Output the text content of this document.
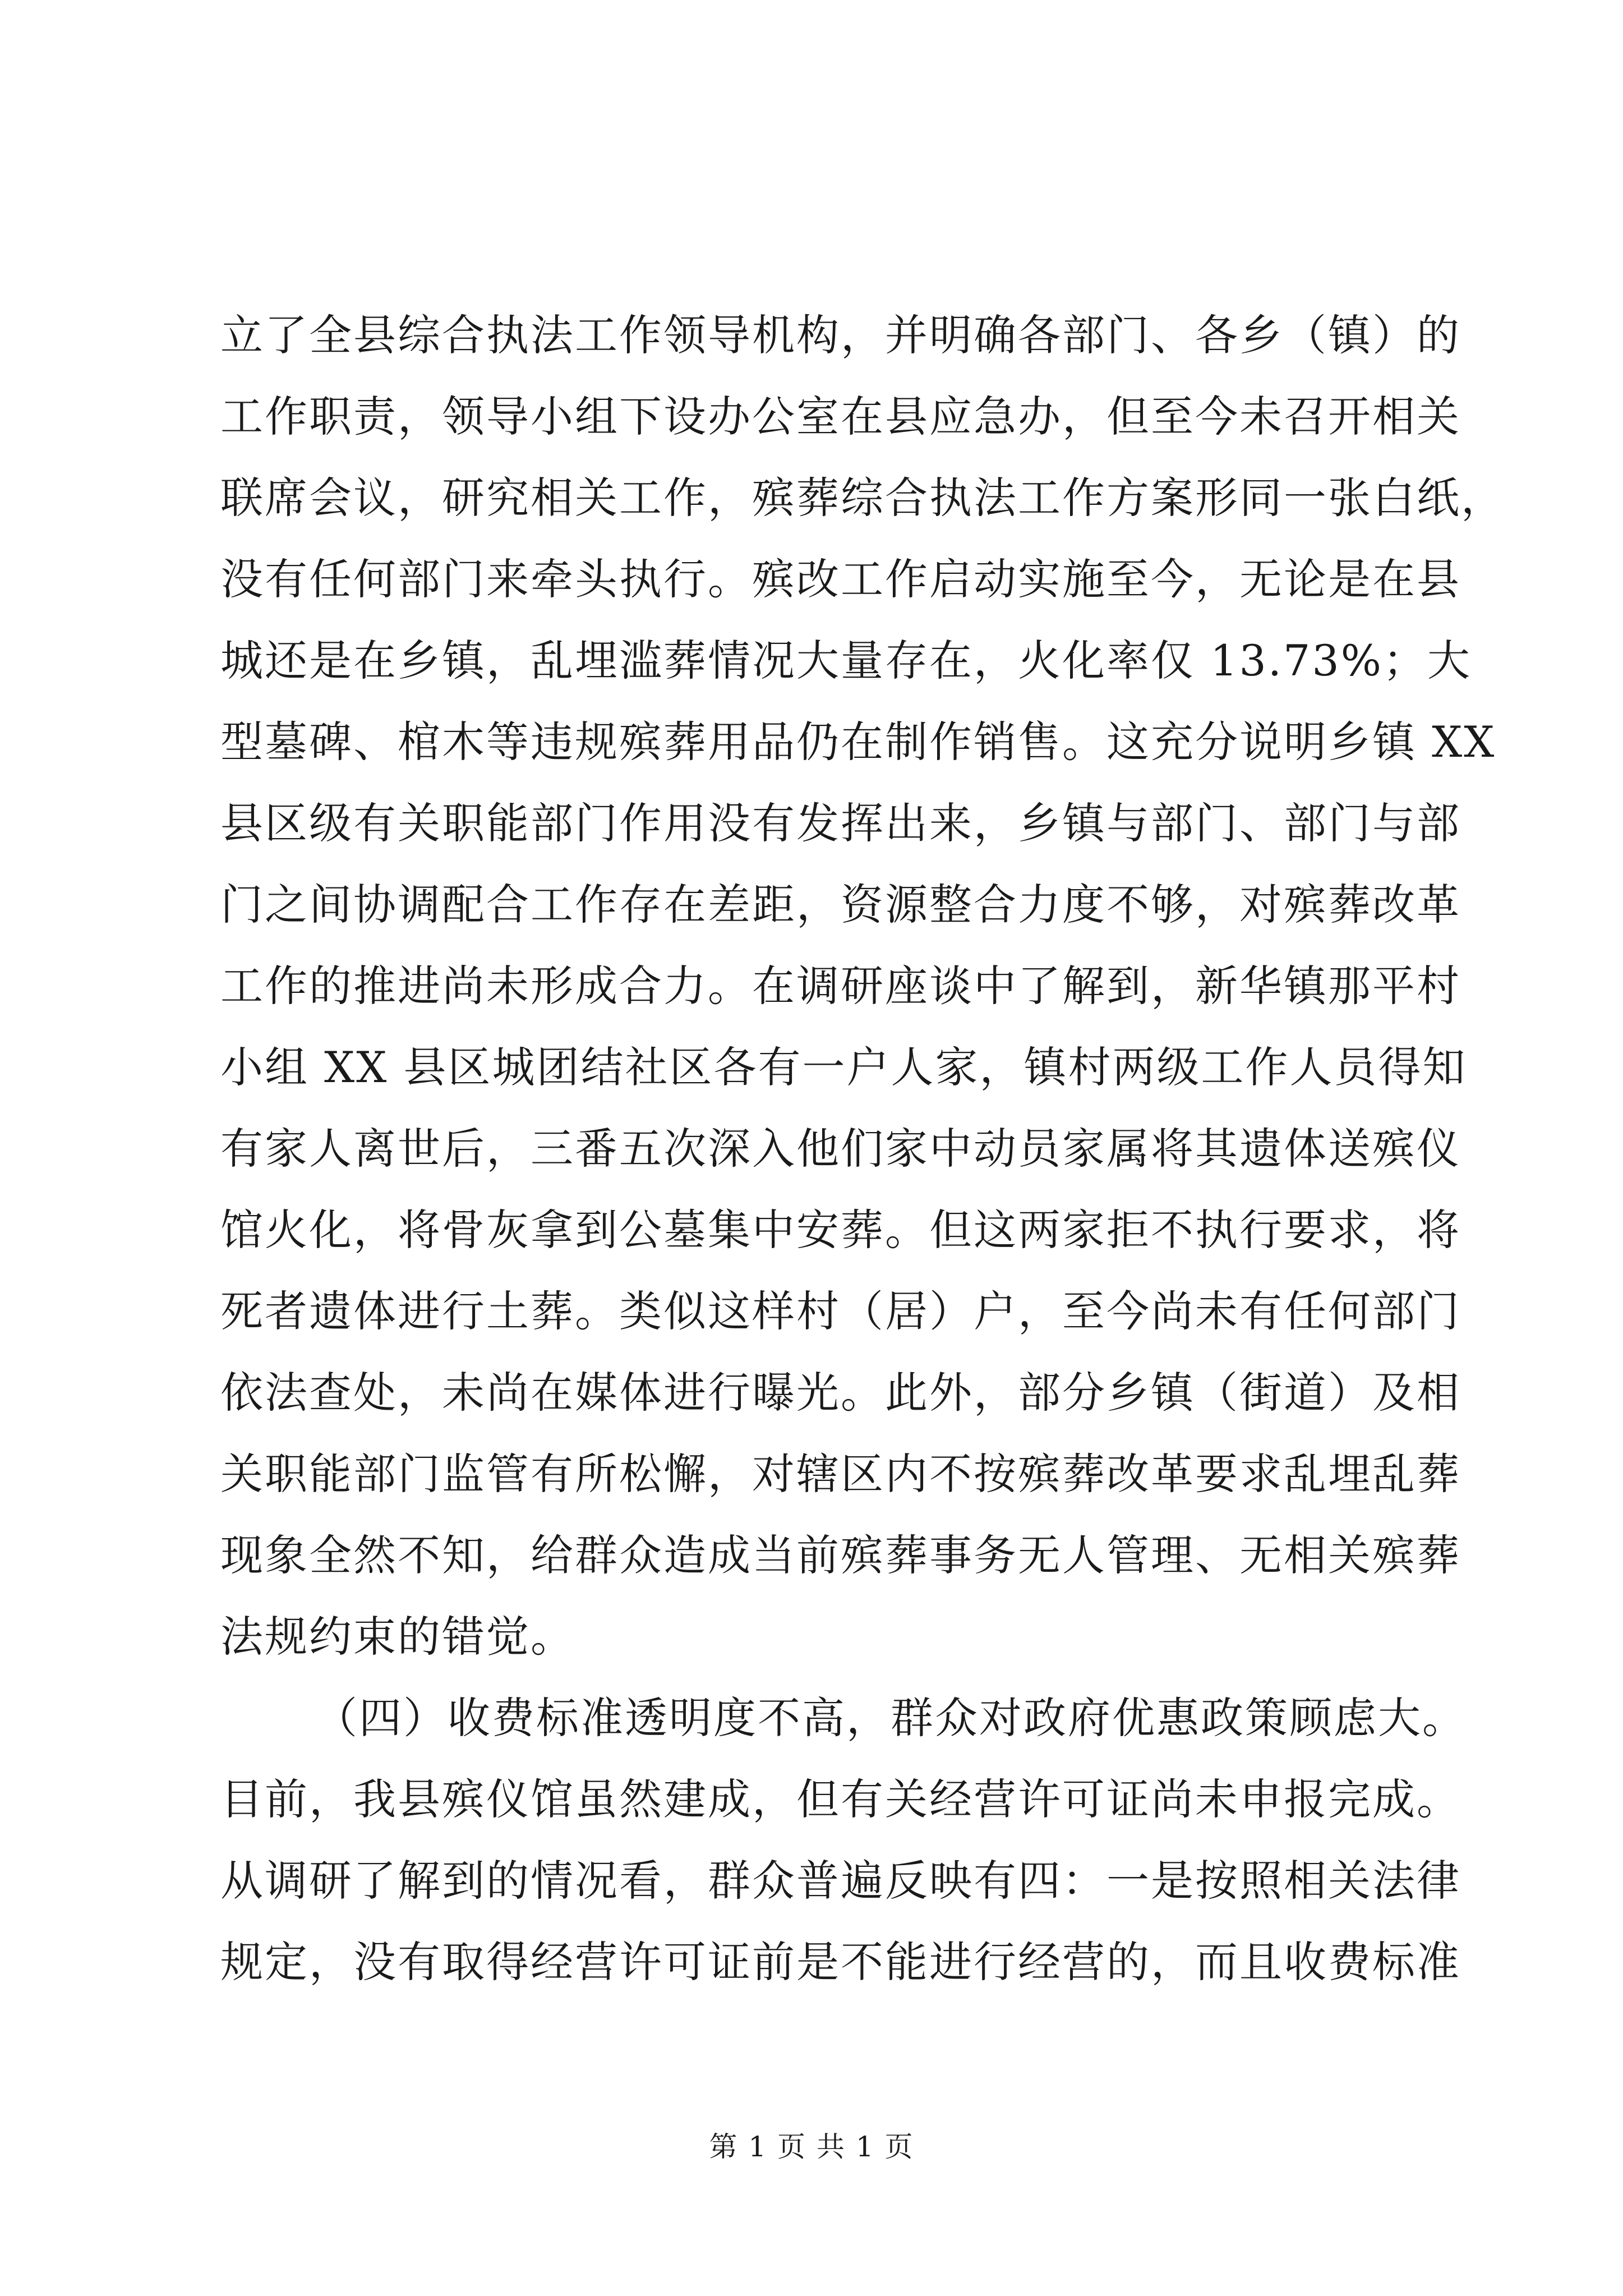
立了全县综合执法工作领导机构，并明确各部门、各乡（镇）的
工作职责，领导小组下设办公室在县应急办，但至今未召开相关
联席会议，研究相关工作，殡葬综合执法工作方案形同一张白纸，
没有任何部门来牵头执行。殡改工作启动实施至今，无论是在县
城还是在乡镇，乱埋滥葬情况大量存在，火化率仅 13.73%；大
型墓碑、棺木等违规殡葬用品仍在制作销售。这充分说明乡镇 XX
县区级有关职能部门作用没有发挥出来，乡镇与部门、部门与部
门之间协调配合工作存在差距，资源整合力度不够，对殡葬改革
工作的推进尚未形成合力。在调研座谈中了解到，新华镇那平村
小组 XX 县区城团结社区各有一户人家，镇村两级工作人员得知
有家人离世后，三番五次深入他们家中动员家属将其遗体送殡仪
馆火化，将骨灰拿到公墓集中安葬。但这两家拒不执行要求，将
死者遗体进行土葬。类似这样村（居）户，至今尚未有任何部门
依法查处，未尚在媒体进行曝光。此外，部分乡镇（街道）及相
关职能部门监管有所松懈，对辖区内不按殡葬改革要求乱埋乱葬
现象全然不知，给群众造成当前殡葬事务无人管理、无相关殡葬
法规约束的错觉。
（四）收费标准透明度不高，群众对政府优惠政策顾虑大。
目前，我县殡仪馆虽然建成，但有关经营许可证尚未申报完成。
从调研了解到的情况看，群众普遍反映有四：一是按照相关法律
规定，没有取得经营许可证前是不能进行经营的，而且收费标准
第 1 页 共 1 页
